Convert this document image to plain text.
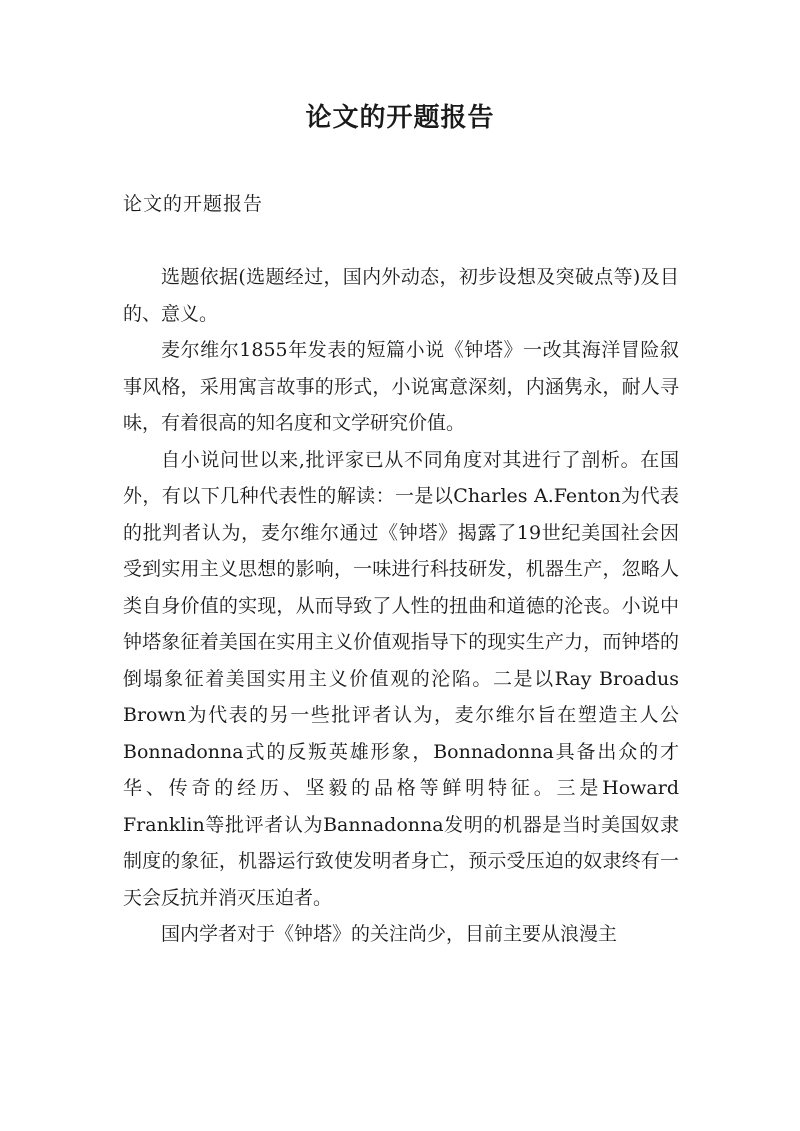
论文的开题报告
论文的开题报告

选题依据(选题经过，国内外动态，初步设想及突破点等)及目的、意义。

麦尔维尔1855年发表的短篇小说《钟塔》一改其海洋冒险叙事风格，采用寓言故事的形式，小说寓意深刻，内涵隽永，耐人寻味，有着很高的知名度和文学研究价值。

自小说问世以来,批评家已从不同角度对其进行了剖析。在国外，有以下几种代表性的解读：一是以Charles A.Fenton为代表的批判者认为，麦尔维尔通过《钟塔》揭露了19世纪美国社会因受到实用主义思想的影响，一味进行科技研发，机器生产，忽略人类自身价值的实现，从而导致了人性的扭曲和道德的沦丧。小说中钟塔象征着美国在实用主义价值观指导下的现实生产力，而钟塔的倒塌象征着美国实用主义价值观的沦陷。二是以Ray Broadus Brown为代表的另一些批评者认为，麦尔维尔旨在塑造主人公Bonnadonna式的反叛英雄形象，Bonnadonna具备出众的才华、传奇的经历、坚毅的品格等鲜明特征。三是Howard Franklin等批评者认为Bannadonna发明的机器是当时美国奴隶制度的象征，机器运行致使发明者身亡，预示受压迫的奴隶终有一天会反抗并消灭压迫者。

国内学者对于《钟塔》的关注尚少，目前主要从浪漫主
